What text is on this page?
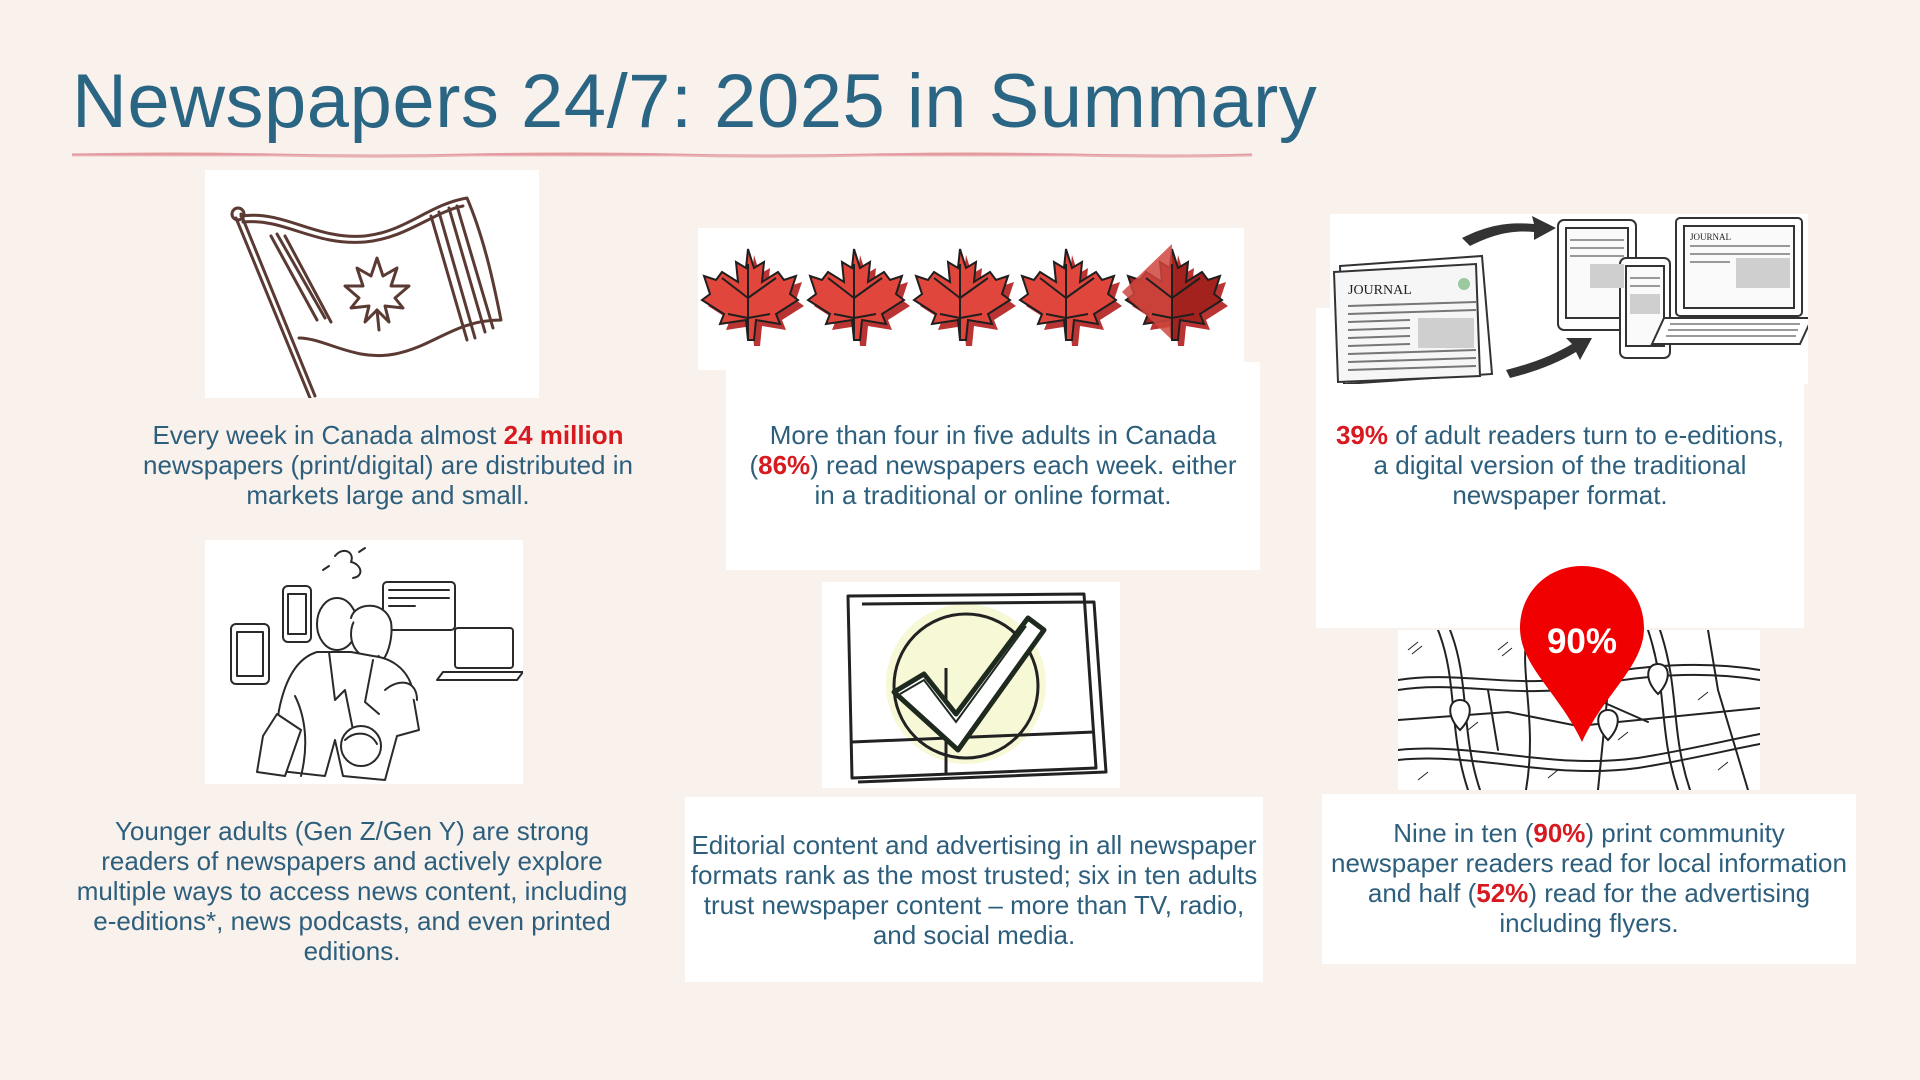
Newspapers 24/7: 2025 in Summary
Every week in Canada almost 24 million newspapers (print/digital) are distributed in markets large and small.
More than four in five adults in Canada (86%) read newspapers each week. either in a traditional or online format.
JOURNAL
JOURNAL
39% of adult readers turn to e-editions, a digital version of the traditional newspaper format.
Younger adults (Gen Z/Gen Y) are strong readers of newspapers and actively explore multiple ways to access news content, including e-editions*, news podcasts, and even printed editions.
Editorial content and advertising in all newspaper formats rank as the most trusted; six in ten adults trust newspaper content – more than TV, radio, and social media.
90%
Nine in ten (90%) print community newspaper readers read for local information and half (52%) read for the advertising including flyers.
